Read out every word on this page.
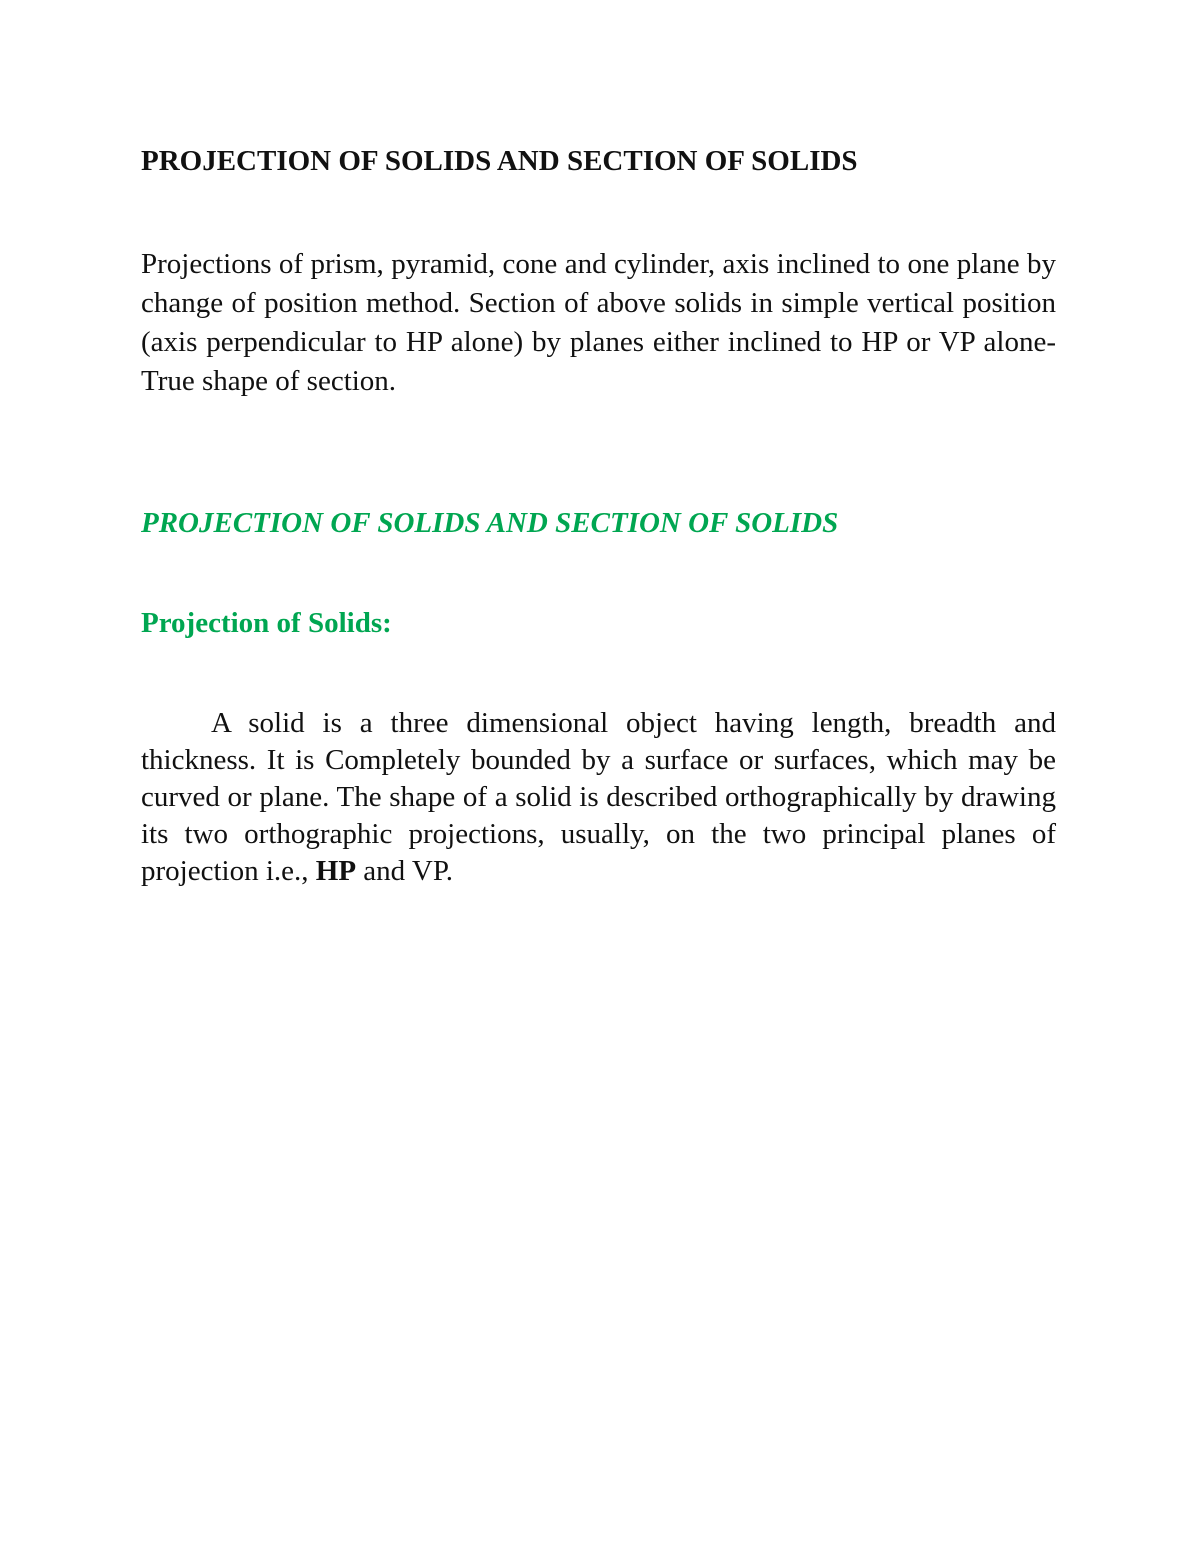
PROJECTION OF SOLIDS AND SECTION OF SOLIDS

Projections of prism, pyramid, cone and cylinder, axis inclined to one plane by change of position method. Section of above solids in simple vertical position (axis perpendicular to HP alone) by planes either inclined to HP or VP alone- True shape of section.

PROJECTION OF SOLIDS AND SECTION OF SOLIDS
Projection of Solids:

A solid is a three dimensional object having length, breadth and thickness. It is Completely bounded by a surface or surfaces, which may be curved or plane. The shape of a solid is described orthographically by drawing its two orthographic projections, usually, on the two principal planes of projection i.e., HP and VP.
